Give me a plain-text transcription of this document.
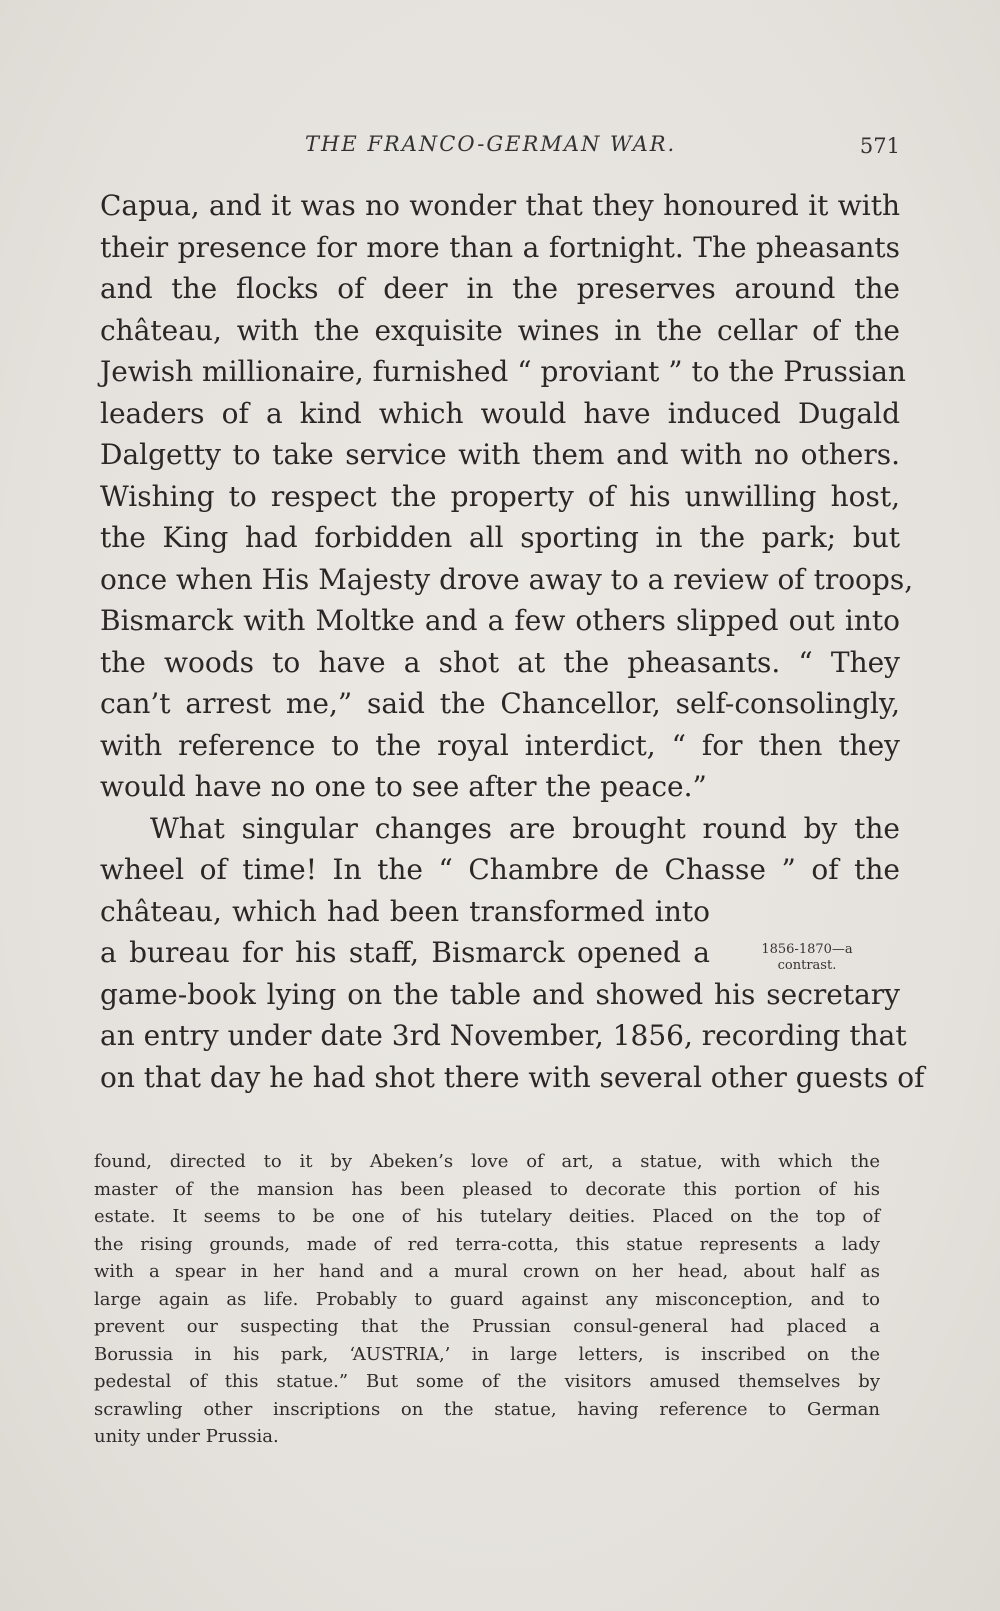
THE FRANCO-GERMAN WAR.	571
Capua, and it was no wonder that they honoured it with
their presence for more than a fortnight. The pheasants
and the flocks of deer in the preserves around the
château, with the exquisite wines in the cellar of the
Jewish millionaire, furnished “ proviant ” to the Prussian
leaders of a kind which would have induced Dugald
Dalgetty to take service with them and with no others.
Wishing to respect the property of his unwilling host,
the King had forbidden all sporting in the park; but
once when His Majesty drove away to a review of troops,
Bismarck with Moltke and a few others slipped out into
the woods to have a shot at the pheasants. “ They
can’t arrest me,” said the Chancellor, self-consolingly,
with reference to the royal interdict, “ for then they
would have no one to see after the peace.”
What singular changes are brought round by the
wheel of time! In the “ Chambre de Chasse ” of the
château, which had been transformed into
a bureau for his staff, Bismarck opened a
game-book lying on the table and showed his secretary
an entry under date 3rd November, 1856, recording that
on that day he had shot there with several other guests of
1856-1870—a
contrast.
found, directed to it by Abeken’s love of art, a statue, with which the
master of the mansion has been pleased to decorate this portion of his
estate. It seems to be one of his tutelary deities. Placed on the top of
the rising grounds, made of red terra-cotta, this statue represents a lady
with a spear in her hand and a mural crown on her head, about half as
large again as life. Probably to guard against any misconception, and to
prevent our suspecting that the Prussian consul-general had placed a
Borussia in his park, ‘AUSTRIA,’ in large letters, is inscribed on the
pedestal of this statue.” But some of the visitors amused themselves by
scrawling other inscriptions on the statue, having reference to German
unity under Prussia.
